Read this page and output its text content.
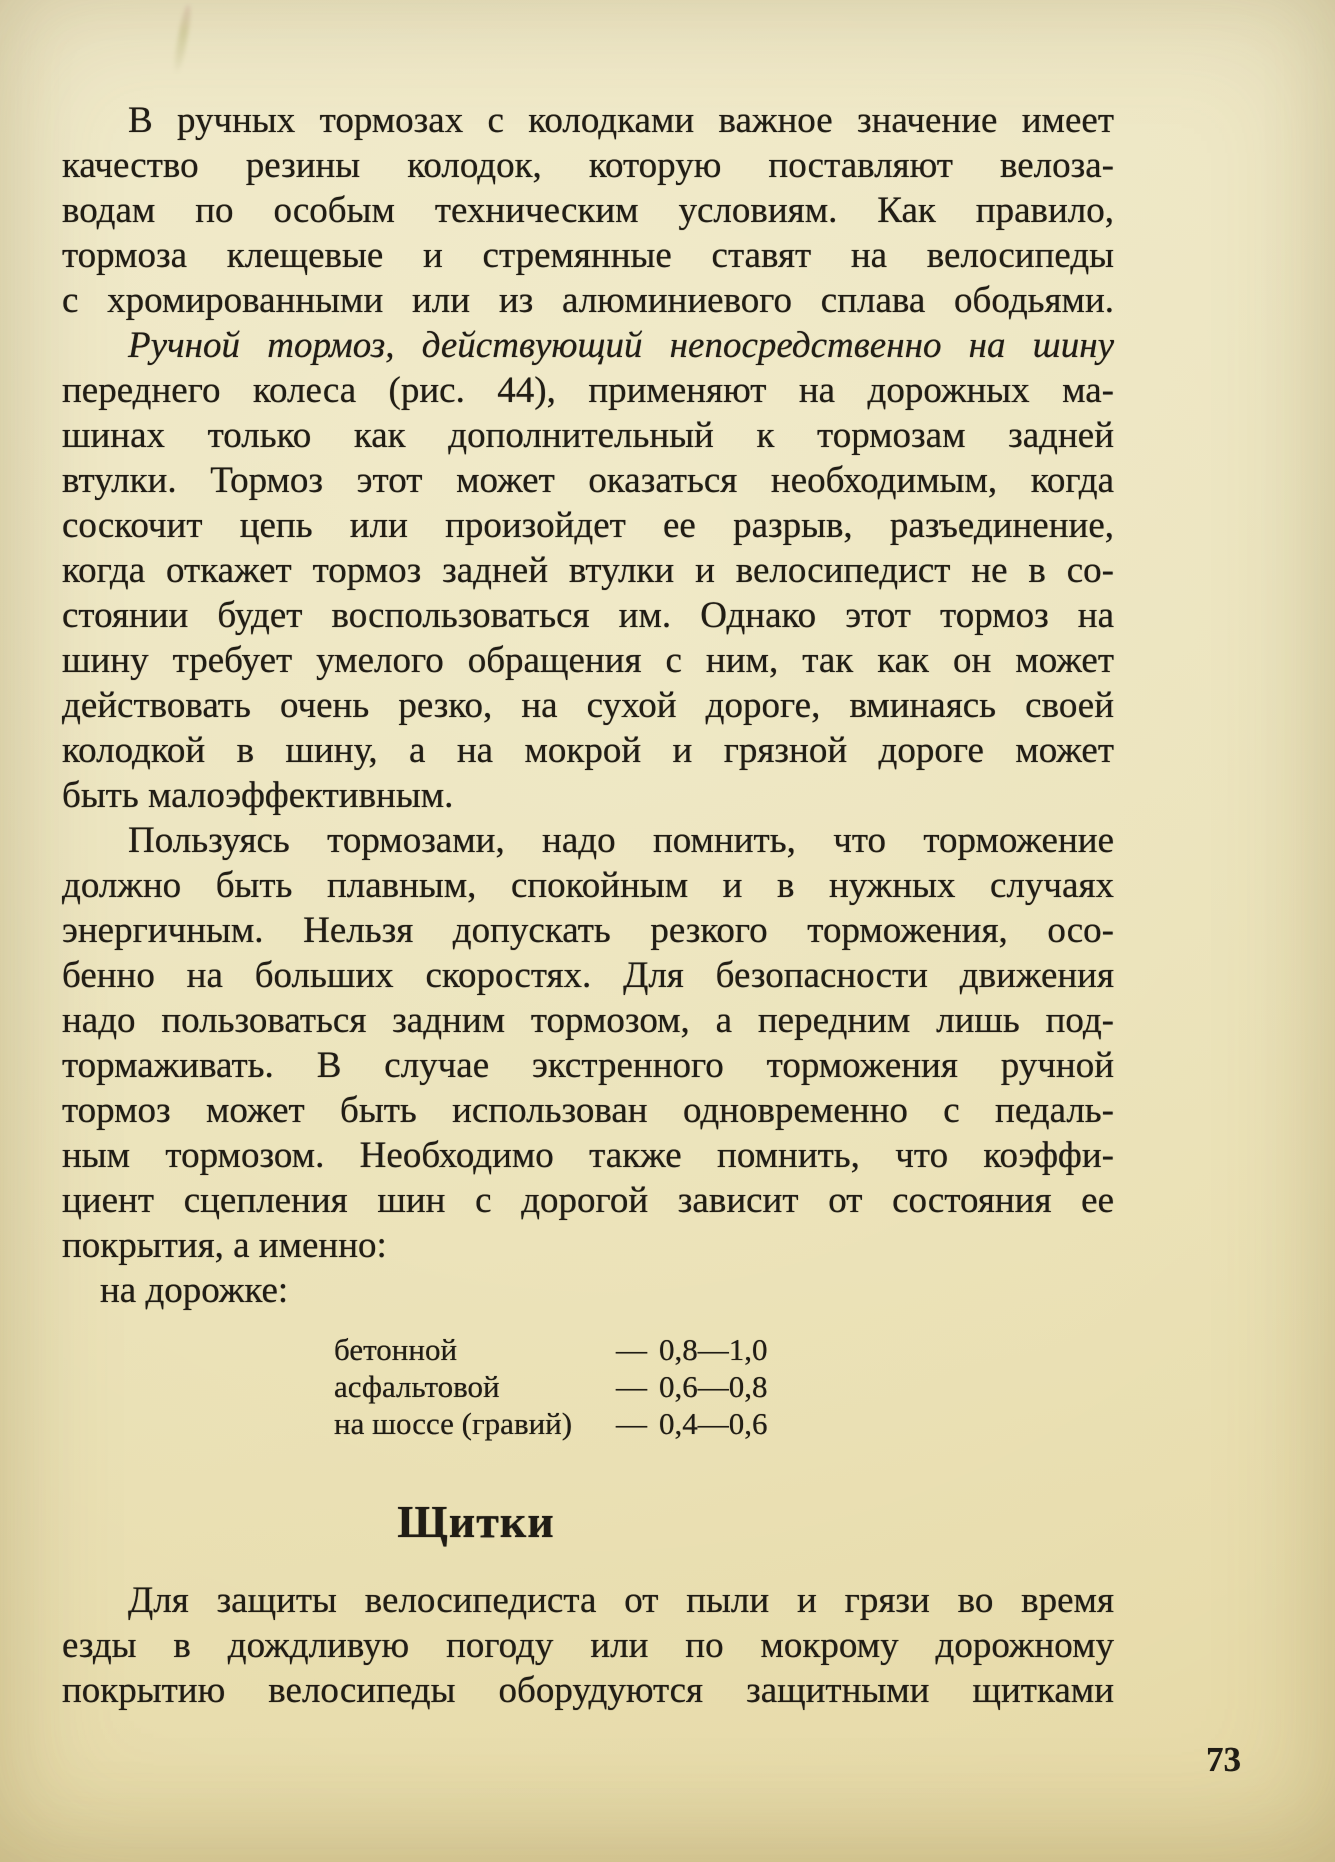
В ручных тормозах с колодками важное значение имеет
качество резины колодок, которую поставляют велоза-
водам по особым техническим условиям. Как правило,
тормоза клещевые и стремянные ставят на велосипеды
с хромированными или из алюминиевого сплава ободьями.
Ручной тормоз, действующий непосредственно на шину
переднего колеса (рис. 44), применяют на дорожных ма-
шинах только как дополнительный к тормозам задней
втулки. Тормоз этот может оказаться необходимым, когда
соскочит цепь или произойдет ее разрыв, разъединение,
когда откажет тормоз задней втулки и велосипедист не в со-
стоянии будет воспользоваться им. Однако этот тормоз на
шину требует умелого обращения с ним, так как он может
действовать очень резко, на сухой дороге, вминаясь своей
колодкой в шину, а на мокрой и грязной дороге может
быть малоэффективным.
Пользуясь тормозами, надо помнить, что торможение
должно быть плавным, спокойным и в нужных случаях
энергичным. Нельзя допускать резкого торможения, осо-
бенно на больших скоростях. Для безопасности движения
надо пользоваться задним тормозом, а передним лишь под-
тормаживать. В случае экстренного торможения ручной
тормоз может быть использован одновременно с педаль-
ным тормозом. Необходимо также помнить, что коэффи-
циент сцепления шин с дорогой зависит от состояния ее
покрытия, а именно:
на дорожке:
бетонной	— 0,8—1,0
асфальтовой	— 0,6—0,8
на шоссе (гравий)	— 0,4—0,6
Щитки
Для защиты велосипедиста от пыли и грязи во время
езды в дождливую погоду или по мокрому дорожному
покрытию велосипеды оборудуются защитными щитками
73
